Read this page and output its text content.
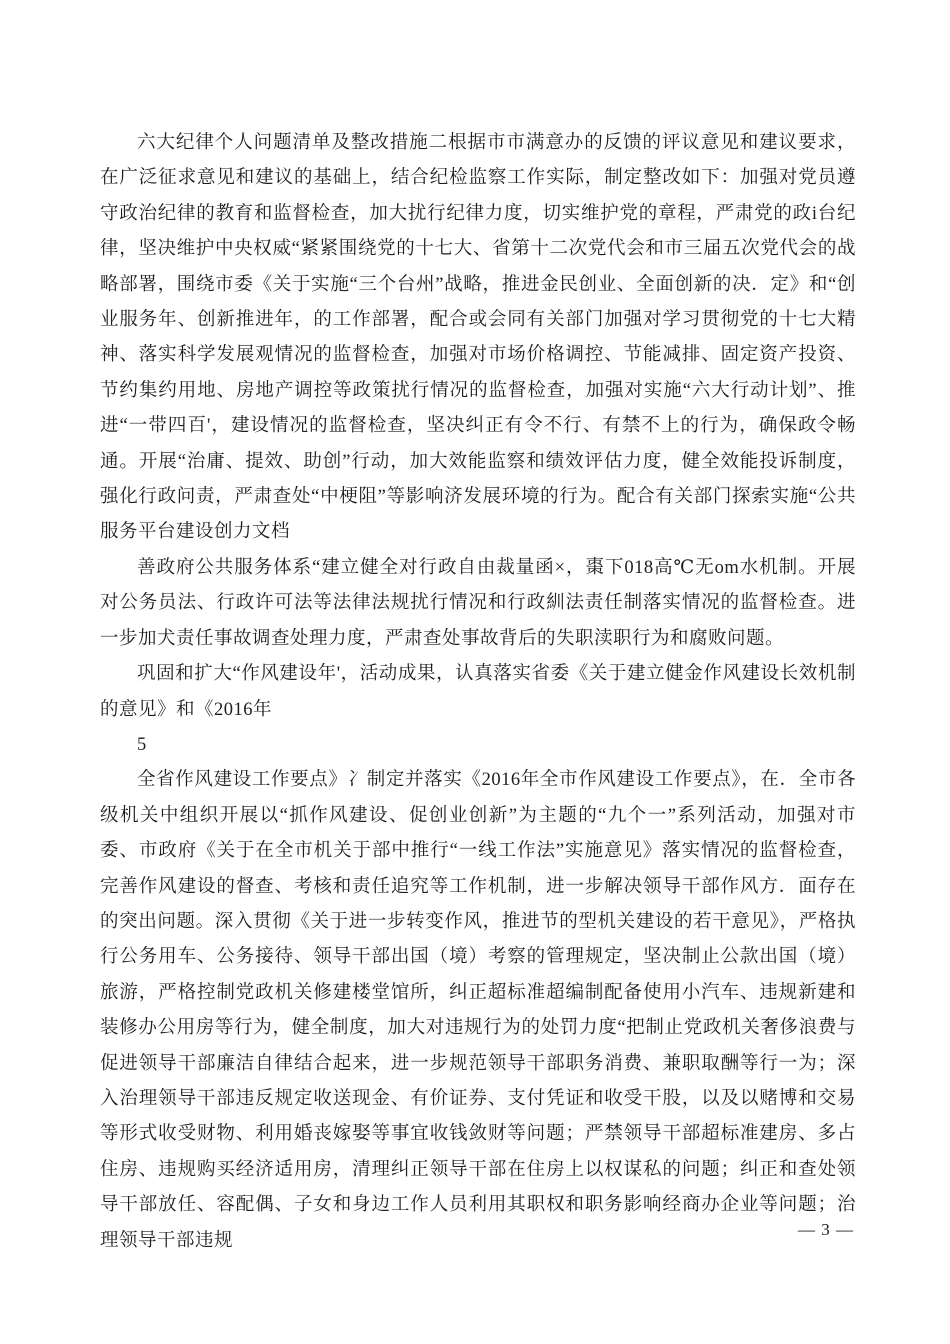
六大纪律个人问题清单及整改措施二根据市市满意办的反馈的评议意见和建议要求，在广泛征求意见和建议的基础上，结合纪检监察工作实际，制定整改如下：加强对党员遵守政治纪律的教育和监督检查，加大扰行纪律力度，切实维护党的章程，严肃党的政i台纪律，坚决维护中央权威“紧紧围绕党的十七大、省第十二次党代会和市三届五次党代会的战略部署，围绕市委《关于实施“三个台州”战略，推进金民创业、全面创新的决．定》和“创业服务年、创新推进年，的工作部署，配合或会同有关部门加强对学习贯彻党的十七大精神、落实科学发展观情况的监督检查，加强对市场价格调控、节能减排、固定资产投资、节约集约用地、房地产调控等政策扰行情况的监督检查，加强对实施“六大行动计划”、推进“一带四百'，建设情况的监督检查，坚决纠正有令不行、有禁不上的行为，确保政令畅通。开展“治庸、提效、助创”行动，加大效能监察和绩效评估力度，健全效能投诉制度，强化行政问责，严肃查处“中梗阻”等影响济发展环境的行为。配合有关部门探索实施“公共服务平台建设创力文档

善政府公共服务体系“建立健全对行政自由裁量函×，棗下018高℃无om水机制。开展对公务员法、行政许可法等法律法规扰行情况和行政紃法责任制落实情况的监督检查。进一步加犬责任事故调查处理力度，严肃查处事故背后的失职渎职行为和腐败问题。

巩固和扩大“作风建设年'，活动成果，认真落实省委《关于建立健金作风建设长效机制的意见》和《2016年

5

全省作风建设工作要点》冫制定并落实《2016年全市作风建设工作要点》，在．全市各级机关中组织开展以“抓作风建设、促创业创新”为主题的“九个一”系列活动，加强对市委、市政府《关于在全市机关于部中推行“一线工作法”实施意见》落实情况的监督检查，完善作风建设的督查、考核和责任追究等工作机制，进一步解决领导干部作风方．面存在的突出问题。深入贯彻《关于进一步转变作风，推进节的型机关建设的若干意见》，严格执行公务用车、公务接待、领导干部出国（境）考察的管理规定，坚决制止公款出国（境）旅游，严格控制党政机关修建楼堂馆所，纠正超标准超编制配备使用小汽车、违规新建和装修办公用房等行为，健全制度，加大对违规行为的处罚力度“把制止党政机关奢侈浪费与促进领导干部廉洁自律结合起来，进一步规范领导干部职务消费、兼职取酬等行一为；深入治理领导干部违反规定收送现金、有价证券、支付凭证和收受干股，以及以赌博和交易等形式收受财物、利用婚丧嫁娶等事宜收钱敛财等问题；严禁领导干部超标准建房、多占住房、违规购买经济适用房，清理纠正领导干部在住房上以权谋私的问题；纠正和查处领导干部放任、容配偶、子女和身边工作人员利用其职权和职务影响经商办企业等问题；治理领导干部违规

— 3 —
